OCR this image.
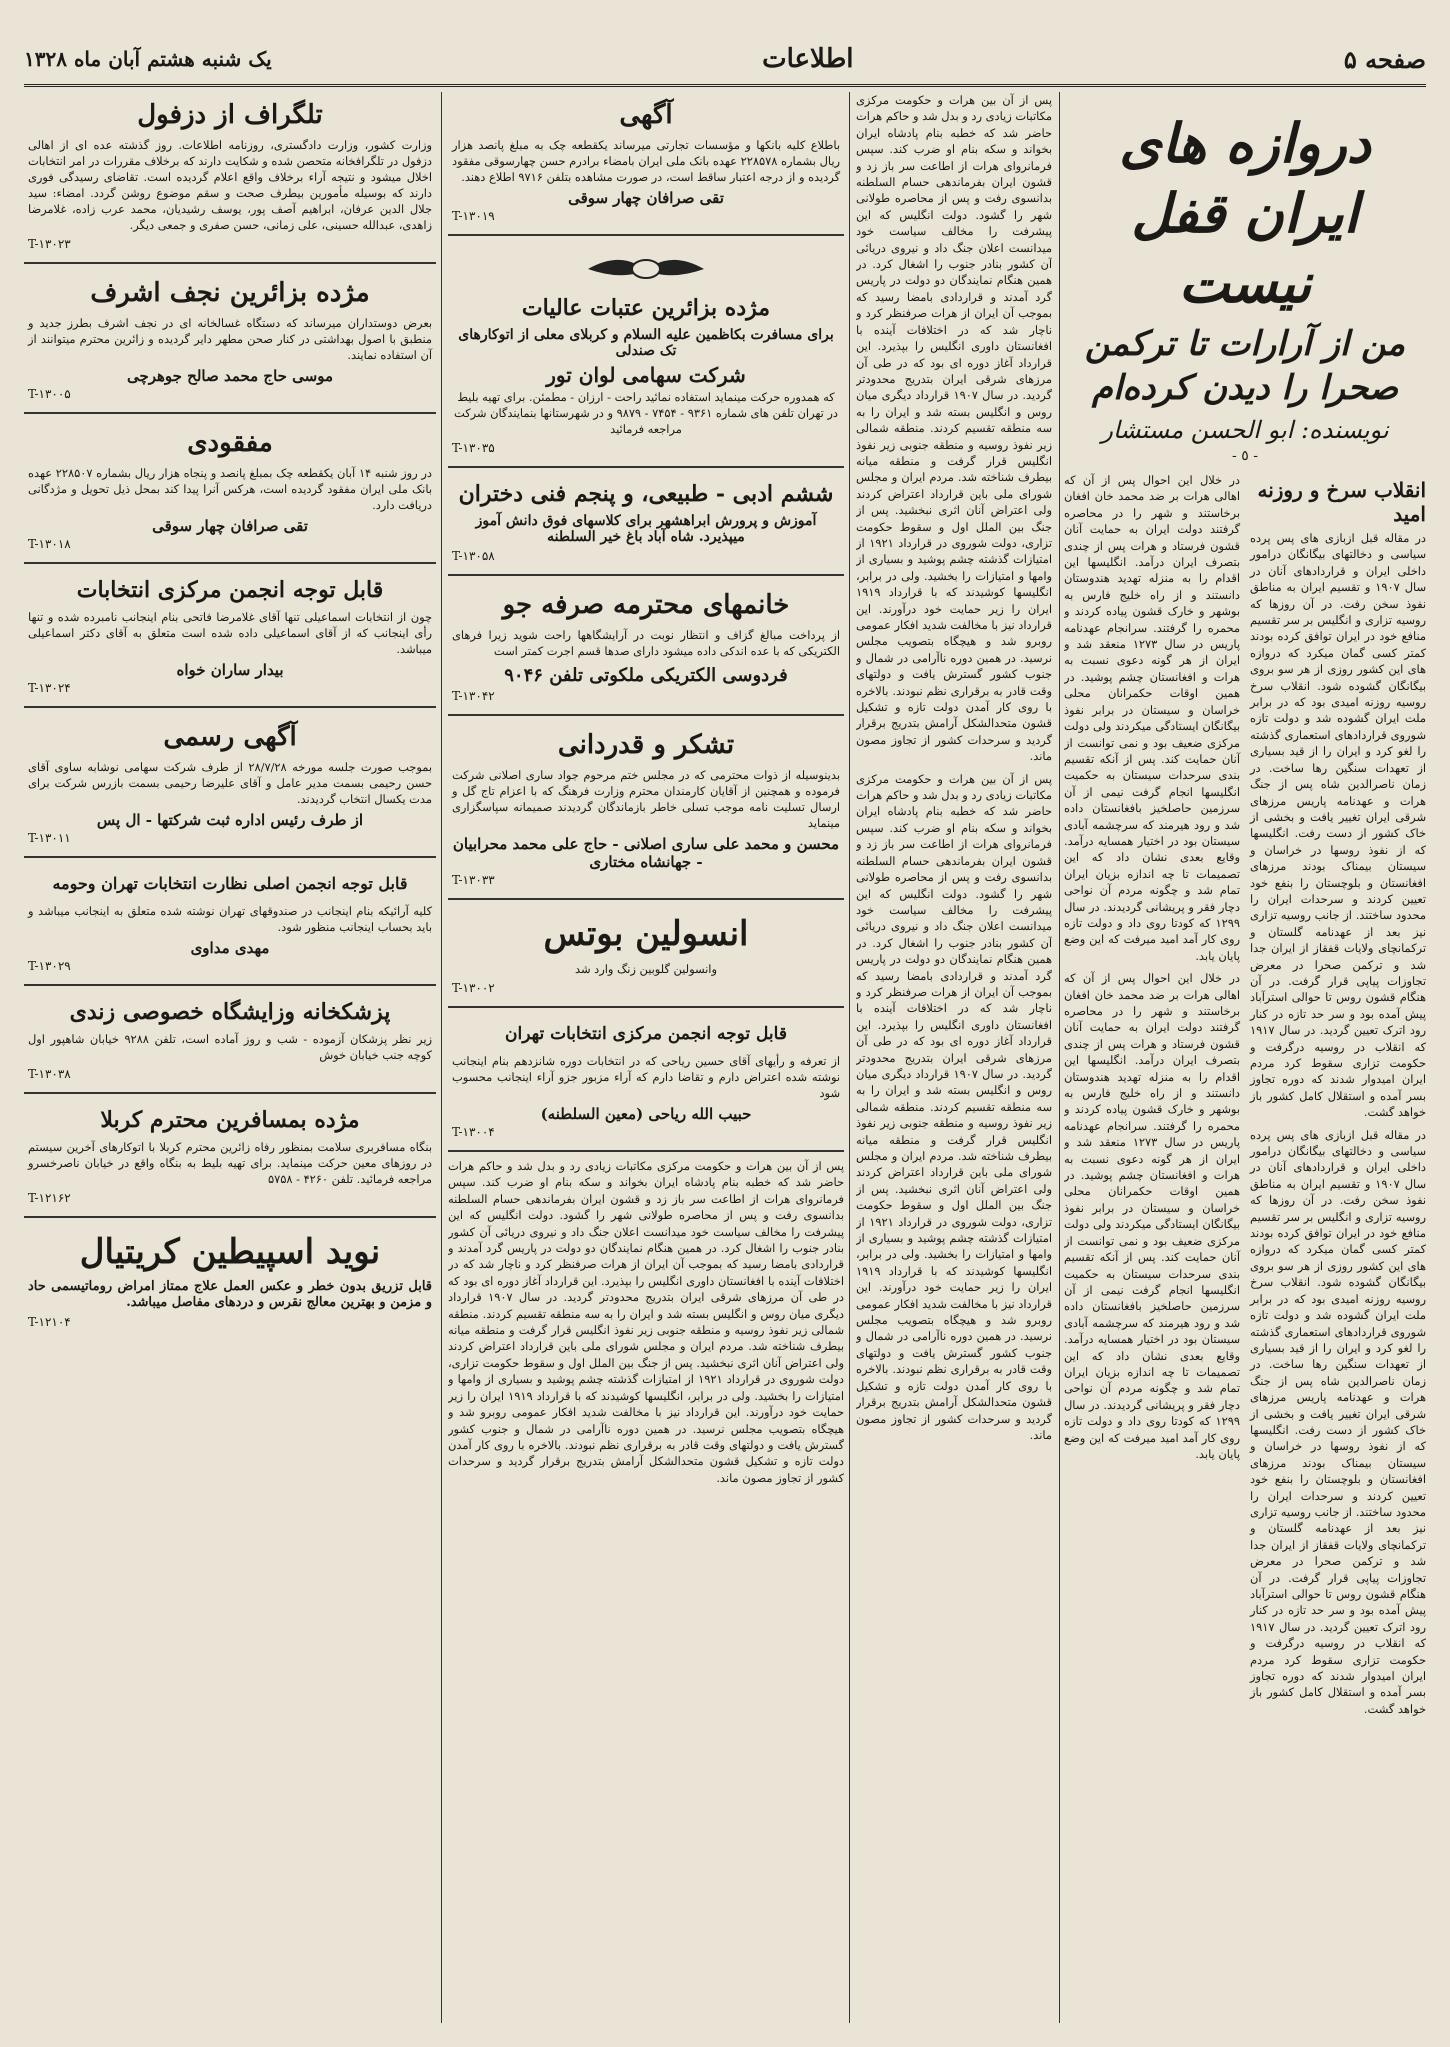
صفحه ۵
اطلاعات
یک شنبه هشتم آبان ماه ۱۳۲۸
دروازه های ایران قفل نیست
من از آرارات تا ترکمن صحرا را دیدن کرده‌ام
نویسنده: ابو الحسن مستشار
- ٥ -
انقلاب سرخ و روزنه امید

در مقاله قبل ازبازی های پس پرده سیاسی و دخالتهای بیگانگان درامور داخلی ایران و قراردادهای آنان در سال ۱۹۰۷ و تقسیم ایران به مناطق نفوذ سخن رفت. در آن روزها که روسیه تزاری و انگلیس بر سر تقسیم منافع خود در ایران توافق کرده بودند کمتر کسی گمان میکرد که دروازه های این کشور روزی از هر سو بروی بیگانگان گشوده شود. انقلاب سرخ روسیه روزنه امیدی بود که در برابر ملت ایران گشوده شد و دولت تازه شوروی قراردادهای استعماری گذشته را لغو کرد و ایران را از قید بسیاری از تعهدات سنگین رها ساخت. در زمان ناصرالدین شاه پس از جنگ هرات و عهدنامه پاریس مرزهای شرقی ایران تغییر یافت و بخشی از خاک کشور از دست رفت. انگلیسها که از نفوذ روسها در خراسان و سیستان بیمناک بودند مرزهای افغانستان و بلوچستان را بنفع خود تعیین کردند و سرحدات ایران را محدود ساختند. از جانب روسیه تزاری نیز بعد از عهدنامه گلستان و ترکمانچای ولایات قفقاز از ایران جدا شد و ترکمن صحرا در معرض تجاوزات پیاپی قرار گرفت. در آن هنگام قشون روس تا حوالی استرآباد پیش آمده بود و سر حد تازه در کنار رود اترک تعیین گردید. در سال ۱۹۱۷ که انقلاب در روسیه درگرفت و حکومت تزاری سقوط کرد مردم ایران امیدوار شدند که دوره تجاوز بسر آمده و استقلال کامل کشور باز خواهد گشت.

در مقاله قبل ازبازی های پس پرده سیاسی و دخالتهای بیگانگان درامور داخلی ایران و قراردادهای آنان در سال ۱۹۰۷ و تقسیم ایران به مناطق نفوذ سخن رفت. در آن روزها که روسیه تزاری و انگلیس بر سر تقسیم منافع خود در ایران توافق کرده بودند کمتر کسی گمان میکرد که دروازه های این کشور روزی از هر سو بروی بیگانگان گشوده شود. انقلاب سرخ روسیه روزنه امیدی بود که در برابر ملت ایران گشوده شد و دولت تازه شوروی قراردادهای استعماری گذشته را لغو کرد و ایران را از قید بسیاری از تعهدات سنگین رها ساخت. در زمان ناصرالدین شاه پس از جنگ هرات و عهدنامه پاریس مرزهای شرقی ایران تغییر یافت و بخشی از خاک کشور از دست رفت. انگلیسها که از نفوذ روسها در خراسان و سیستان بیمناک بودند مرزهای افغانستان و بلوچستان را بنفع خود تعیین کردند و سرحدات ایران را محدود ساختند. از جانب روسیه تزاری نیز بعد از عهدنامه گلستان و ترکمانچای ولایات قفقاز از ایران جدا شد و ترکمن صحرا در معرض تجاوزات پیاپی قرار گرفت. در آن هنگام قشون روس تا حوالی استرآباد پیش آمده بود و سر حد تازه در کنار رود اترک تعیین گردید. در سال ۱۹۱۷ که انقلاب در روسیه درگرفت و حکومت تزاری سقوط کرد مردم ایران امیدوار شدند که دوره تجاوز بسر آمده و استقلال کامل کشور باز خواهد گشت.

در خلال این احوال پس از آن که اهالی هرات بر ضد محمد خان افغان برخاستند و شهر را در محاصره گرفتند دولت ایران به حمایت آنان قشون فرستاد و هرات پس از چندی بتصرف ایران درآمد. انگلیسها این اقدام را به منزله تهدید هندوستان دانستند و از راه خلیج فارس به بوشهر و خارک قشون پیاده کردند و محمره را گرفتند. سرانجام عهدنامه پاریس در سال ۱۲۷۳ منعقد شد و ایران از هر گونه دعوی نسبت به هرات و افغانستان چشم پوشید. در همین اوقات حکمرانان محلی خراسان و سیستان در برابر نفوذ بیگانگان ایستادگی میکردند ولی دولت مرکزی ضعیف بود و نمی توانست از آنان حمایت کند. پس از آنکه تقسیم بندی سرحدات سیستان به حکمیت انگلیسها انجام گرفت نیمی از آن سرزمین حاصلخیز بافغانستان داده شد و رود هیرمند که سرچشمه آبادی سیستان بود در اختیار همسایه درآمد. وقایع بعدی نشان داد که این تصمیمات تا چه اندازه بزیان ایران تمام شد و چگونه مردم آن نواحی دچار فقر و پریشانی گردیدند. در سال ۱۲۹۹ که کودتا روی داد و دولت تازه روی کار آمد امید میرفت که این وضع پایان یابد.

در خلال این احوال پس از آن که اهالی هرات بر ضد محمد خان افغان برخاستند و شهر را در محاصره گرفتند دولت ایران به حمایت آنان قشون فرستاد و هرات پس از چندی بتصرف ایران درآمد. انگلیسها این اقدام را به منزله تهدید هندوستان دانستند و از راه خلیج فارس به بوشهر و خارک قشون پیاده کردند و محمره را گرفتند. سرانجام عهدنامه پاریس در سال ۱۲۷۳ منعقد شد و ایران از هر گونه دعوی نسبت به هرات و افغانستان چشم پوشید. در همین اوقات حکمرانان محلی خراسان و سیستان در برابر نفوذ بیگانگان ایستادگی میکردند ولی دولت مرکزی ضعیف بود و نمی توانست از آنان حمایت کند. پس از آنکه تقسیم بندی سرحدات سیستان به حکمیت انگلیسها انجام گرفت نیمی از آن سرزمین حاصلخیز بافغانستان داده شد و رود هیرمند که سرچشمه آبادی سیستان بود در اختیار همسایه درآمد. وقایع بعدی نشان داد که این تصمیمات تا چه اندازه بزیان ایران تمام شد و چگونه مردم آن نواحی دچار فقر و پریشانی گردیدند. در سال ۱۲۹۹ که کودتا روی داد و دولت تازه روی کار آمد امید میرفت که این وضع پایان یابد.

پس از آن بین هرات و حکومت مرکزی مکاتبات زیادی رد و بدل شد و حاکم هرات حاضر شد که خطبه بنام پادشاه ایران بخواند و سکه بنام او ضرب کند. سپس فرمانروای هرات از اطاعت سر باز زد و قشون ایران بفرماندهی حسام السلطنه بدانسوی رفت و پس از محاصره طولانی شهر را گشود. دولت انگلیس که این پیشرفت را مخالف سیاست خود میدانست اعلان جنگ داد و نیروی دریائی آن کشور بنادر جنوب را اشغال کرد. در همین هنگام نمایندگان دو دولت در پاریس گرد آمدند و قراردادی بامضا رسید که بموجب آن ایران از هرات صرفنظر کرد و ناچار شد که در اختلافات آینده با افغانستان داوری انگلیس را بپذیرد. این قرارداد آغاز دوره ای بود که در طی آن مرزهای شرقی ایران بتدریج محدودتر گردید. در سال ۱۹۰۷ قرارداد دیگری میان روس و انگلیس بسته شد و ایران را به سه منطقه تقسیم کردند. منطقه شمالی زیر نفوذ روسیه و منطقه جنوبی زیر نفوذ انگلیس قرار گرفت و منطقه میانه بیطرف شناخته شد. مردم ایران و مجلس شورای ملی باین قرارداد اعتراض کردند ولی اعتراض آنان اثری نبخشید. پس از جنگ بین الملل اول و سقوط حکومت تزاری، دولت شوروی در قرارداد ۱۹۲۱ از امتیازات گذشته چشم پوشید و بسیاری از وامها و امتیازات را بخشید. ولی در برابر، انگلیسها کوشیدند که با قرارداد ۱۹۱۹ ایران را زیر حمایت خود درآورند. این قرارداد نیز با مخالفت شدید افکار عمومی روبرو شد و هیچگاه بتصویب مجلس نرسید. در همین دوره ناآرامی در شمال و جنوب کشور گسترش یافت و دولتهای وقت قادر به برقراری نظم نبودند. بالاخره با روی کار آمدن دولت تازه و تشکیل قشون متحدالشکل آرامش بتدریج برقرار گردید و سرحدات کشور از تجاوز مصون ماند.

پس از آن بین هرات و حکومت مرکزی مکاتبات زیادی رد و بدل شد و حاکم هرات حاضر شد که خطبه بنام پادشاه ایران بخواند و سکه بنام او ضرب کند. سپس فرمانروای هرات از اطاعت سر باز زد و قشون ایران بفرماندهی حسام السلطنه بدانسوی رفت و پس از محاصره طولانی شهر را گشود. دولت انگلیس که این پیشرفت را مخالف سیاست خود میدانست اعلان جنگ داد و نیروی دریائی آن کشور بنادر جنوب را اشغال کرد. در همین هنگام نمایندگان دو دولت در پاریس گرد آمدند و قراردادی بامضا رسید که بموجب آن ایران از هرات صرفنظر کرد و ناچار شد که در اختلافات آینده با افغانستان داوری انگلیس را بپذیرد. این قرارداد آغاز دوره ای بود که در طی آن مرزهای شرقی ایران بتدریج محدودتر گردید. در سال ۱۹۰۷ قرارداد دیگری میان روس و انگلیس بسته شد و ایران را به سه منطقه تقسیم کردند. منطقه شمالی زیر نفوذ روسیه و منطقه جنوبی زیر نفوذ انگلیس قرار گرفت و منطقه میانه بیطرف شناخته شد. مردم ایران و مجلس شورای ملی باین قرارداد اعتراض کردند ولی اعتراض آنان اثری نبخشید. پس از جنگ بین الملل اول و سقوط حکومت تزاری، دولت شوروی در قرارداد ۱۹۲۱ از امتیازات گذشته چشم پوشید و بسیاری از وامها و امتیازات را بخشید. ولی در برابر، انگلیسها کوشیدند که با قرارداد ۱۹۱۹ ایران را زیر حمایت خود درآورند. این قرارداد نیز با مخالفت شدید افکار عمومی روبرو شد و هیچگاه بتصویب مجلس نرسید. در همین دوره ناآرامی در شمال و جنوب کشور گسترش یافت و دولتهای وقت قادر به برقراری نظم نبودند. بالاخره با روی کار آمدن دولت تازه و تشکیل قشون متحدالشکل آرامش بتدریج برقرار گردید و سرحدات کشور از تجاوز مصون ماند.

آگهی

باطلاع کلیه بانکها و مؤسسات تجارتی میرساند یکقطعه چک به مبلغ پانصد هزار ریال بشماره ۲۲۸۵۷۸ عهده بانک ملی ایران بامضاء برادرم حسن چهارسوقی مفقود گردیده و از درجه اعتبار ساقط است، در صورت مشاهده بتلفن ۹۷۱۶ اطلاع دهند.

تقی صرافان چهار سوقی

T-۱۳۰۱۹

مژده بزائرین عتبات عالیات

برای مسافرت بکاظمین علیه السلام و کربلای معلی از اتوکارهای تک صندلی

شرکت سهامی لوان تور

که همدوره حرکت مینماید استفاده نمائید راحت - ارزان - مطمئن. برای تهیه بلیط در تهران تلفن های شماره ۹۳۶۱ - ۷۴۵۴ - ۹۸۷۹ و در شهرستانها بنمایندگان شرکت مراجعه فرمائید

T-۱۳۰۳۵

ششم ادبی - طبیعی، و پنجم فنی دختران

آموزش و پرورش ابراهشهر برای کلاسهای فوق دانش آموز میپذیرد. شاه آباد باغ خیر السلطنه

T-۱۳۰۵۸

خانمهای محترمه صرفه جو

از پرداخت مبالغ گزاف و انتظار نوبت در آرایشگاهها راحت شوید زیرا فرهای الکتریکی که با عده اندکی داده میشود دارای صدها قسم اجرت کمتر است

فردوسی الکتریکی ملکوتی تلفن ۹۰۴۶

T-۱۳۰۴۲

تشکر و قدردانی

بدینوسیله از ذوات محترمی که در مجلس ختم مرحوم جواد ساری اصلانی شرکت فرموده و همچنین از آقایان کارمندان محترم وزارت فرهنگ که با اعزام تاج گل و ارسال تسلیت نامه موجب تسلی خاطر بازماندگان گردیدند صمیمانه سپاسگزاری مینماید

محسن و محمد علی ساری اصلانی - حاج علی محمد محرابیان - جهانشاه مختاری

T-۱۳۰۳۳

انسولین بوتس

وانسولین گلوبین زنگ وارد شد

T-۱۳۰۰۲

قابل توجه انجمن مرکزی انتخابات تهران

از تعرفه و رأیهای آقای حسین ریاحی که در انتخابات دوره شانزدهم بنام اینجانب نوشته شده اعتراض دارم و تقاضا دارم که آراء مزبور جزو آراء اینجانب محسوب شود

حبیب الله ریاحی (معین السلطنه)

T-۱۳۰۰۴

پس از آن بین هرات و حکومت مرکزی مکاتبات زیادی رد و بدل شد و حاکم هرات حاضر شد که خطبه بنام پادشاه ایران بخواند و سکه بنام او ضرب کند. سپس فرمانروای هرات از اطاعت سر باز زد و قشون ایران بفرماندهی حسام السلطنه بدانسوی رفت و پس از محاصره طولانی شهر را گشود. دولت انگلیس که این پیشرفت را مخالف سیاست خود میدانست اعلان جنگ داد و نیروی دریائی آن کشور بنادر جنوب را اشغال کرد. در همین هنگام نمایندگان دو دولت در پاریس گرد آمدند و قراردادی بامضا رسید که بموجب آن ایران از هرات صرفنظر کرد و ناچار شد که در اختلافات آینده با افغانستان داوری انگلیس را بپذیرد. این قرارداد آغاز دوره ای بود که در طی آن مرزهای شرقی ایران بتدریج محدودتر گردید. در سال ۱۹۰۷ قرارداد دیگری میان روس و انگلیس بسته شد و ایران را به سه منطقه تقسیم کردند. منطقه شمالی زیر نفوذ روسیه و منطقه جنوبی زیر نفوذ انگلیس قرار گرفت و منطقه میانه بیطرف شناخته شد. مردم ایران و مجلس شورای ملی باین قرارداد اعتراض کردند ولی اعتراض آنان اثری نبخشید. پس از جنگ بین الملل اول و سقوط حکومت تزاری، دولت شوروی در قرارداد ۱۹۲۱ از امتیازات گذشته چشم پوشید و بسیاری از وامها و امتیازات را بخشید. ولی در برابر، انگلیسها کوشیدند که با قرارداد ۱۹۱۹ ایران را زیر حمایت خود درآورند. این قرارداد نیز با مخالفت شدید افکار عمومی روبرو شد و هیچگاه بتصویب مجلس نرسید. در همین دوره ناآرامی در شمال و جنوب کشور گسترش یافت و دولتهای وقت قادر به برقراری نظم نبودند. بالاخره با روی کار آمدن دولت تازه و تشکیل قشون متحدالشکل آرامش بتدریج برقرار گردید و سرحدات کشور از تجاوز مصون ماند.

تلگراف از دزفول

وزارت کشور، وزارت دادگستری، روزنامه اطلاعات. روز گذشته عده ای از اهالی دزفول در تلگرافخانه متحصن شده و شکایت دارند که برخلاف مقررات در امر انتخابات اخلال میشود و نتیجه آراء برخلاف واقع اعلام گردیده است. تقاضای رسیدگی فوری دارند که بوسیله مأمورین بیطرف صحت و سقم موضوع روشن گردد. امضاء: سید جلال الدین عرفان، ابراهیم آصف پور، یوسف رشیدیان، محمد عرب زاده، غلامرضا زاهدی، عبدالله حسینی، علی زمانی، حسن صفری و جمعی دیگر.

T-۱۳۰۲۳

مژده بزائرین نجف اشرف

بعرض دوستداران میرساند که دستگاه غسالخانه ای در نجف اشرف بطرز جدید و منطبق با اصول بهداشتی در کنار صحن مطهر دایر گردیده و زائرین محترم میتوانند از آن استفاده نمایند.

موسی حاج محمد صالح جوهرچی

T-۱۳۰۰۵

مفقودی

در روز شنبه ۱۴ آبان یکقطعه چک بمبلغ پانصد و پنجاه هزار ریال بشماره ۲۲۸۵۰۷ عهده بانک ملی ایران مفقود گردیده است، هرکس آنرا پیدا کند بمحل ذیل تحویل و مژدگانی دریافت دارد.

تقی صرافان چهار سوقی

T-۱۳۰۱۸

قابل توجه انجمن مرکزی انتخابات

چون از انتخابات اسماعیلی تنها آقای غلامرضا فاتحی بنام اینجانب نامبرده شده و تنها رأی اینجانب که از آقای اسماعیلی داده شده است متعلق به آقای دکتر اسماعیلی میباشد.

بیدار ساران خواه

T-۱۳۰۲۴

آگهی رسمی

بموجب صورت جلسه مورخه ۲۸/۷/۲۸ از طرف شرکت سهامی نوشابه ساوی آقای حسن رحیمی بسمت مدیر عامل و آقای علیرضا رحیمی بسمت بازرس شرکت برای مدت یکسال انتخاب گردیدند.

از طرف رئیس اداره ثبت شرکتها - ال پس

T-۱۳۰۱۱

قابل توجه انجمن اصلی نظارت انتخابات تهران وحومه

کلیه آرائیکه بنام اینجانب در صندوقهای تهران نوشته شده متعلق به اینجانب میباشد و باید بحساب اینجانب منظور شود.

مهدی مداوی

T-۱۳۰۲۹

پزشکخانه وزایشگاه خصوصی زندی

زیر نظر پزشکان آزموده - شب و روز آماده است، تلفن ۹۲۸۸ خیابان شاهپور اول کوچه جنب خیابان خوش

T-۱۳۰۳۸

مژده بمسافرین محترم کربلا

بنگاه مسافربری سلامت بمنظور رفاه زائرین محترم کربلا با اتوکارهای آخرین سیستم در روزهای معین حرکت مینماید. برای تهیه بلیط به بنگاه واقع در خیابان ناصرخسرو مراجعه فرمائید. تلفن ۴۲۶۰ - ۵۷۵۸

T-۱۲۱۶۲

نوید اسپیطین کریتیال

قابل تزریق بدون خطر و عکس العمل علاج ممتاز امراض روماتیسمی حاد و مزمن و بهترین معالج نقرس و دردهای مفاصل میباشد.

T-۱۲۱۰۴
